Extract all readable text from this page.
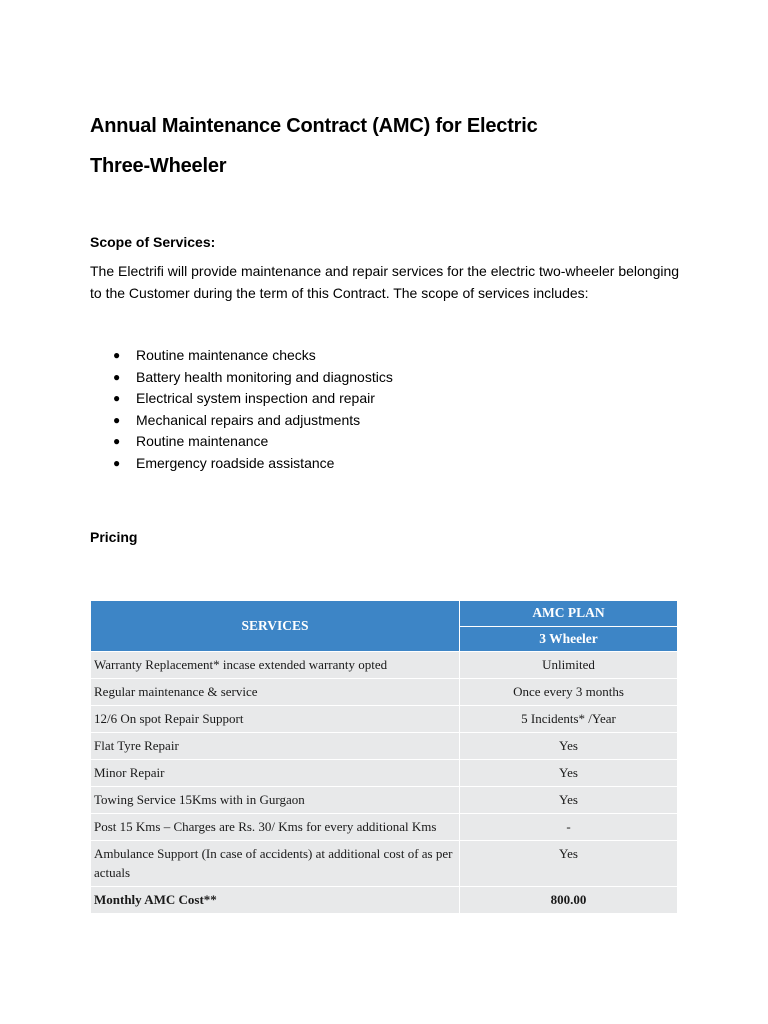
Annual Maintenance Contract (AMC) for Electric
Three-Wheeler
Scope of Services:

The Electrifi will provide maintenance and repair services for the electric two-wheeler belonging to the Customer during the term of this Contract. The scope of services includes:

● Routine maintenance checks
● Battery health monitoring and diagnostics
● Electrical system inspection and repair
● Mechanical repairs and adjustments
● Routine maintenance
● Emergency roadside assistance
Pricing
SERVICES	AMC PLAN
	3 Wheeler
Warranty Replacement* incase extended warranty opted	Unlimited
Regular maintenance & service	Once every 3 months
12/6 On spot Repair Support	5 Incidents* /Year
Flat Tyre Repair	Yes
Minor Repair	Yes
Towing Service 15Kms with in Gurgaon	Yes
Post 15 Kms – Charges are Rs. 30/ Kms for every additional Kms	-
Ambulance Support (In case of accidents) at additional cost of as per actuals	Yes
Monthly AMC Cost**	800.00
